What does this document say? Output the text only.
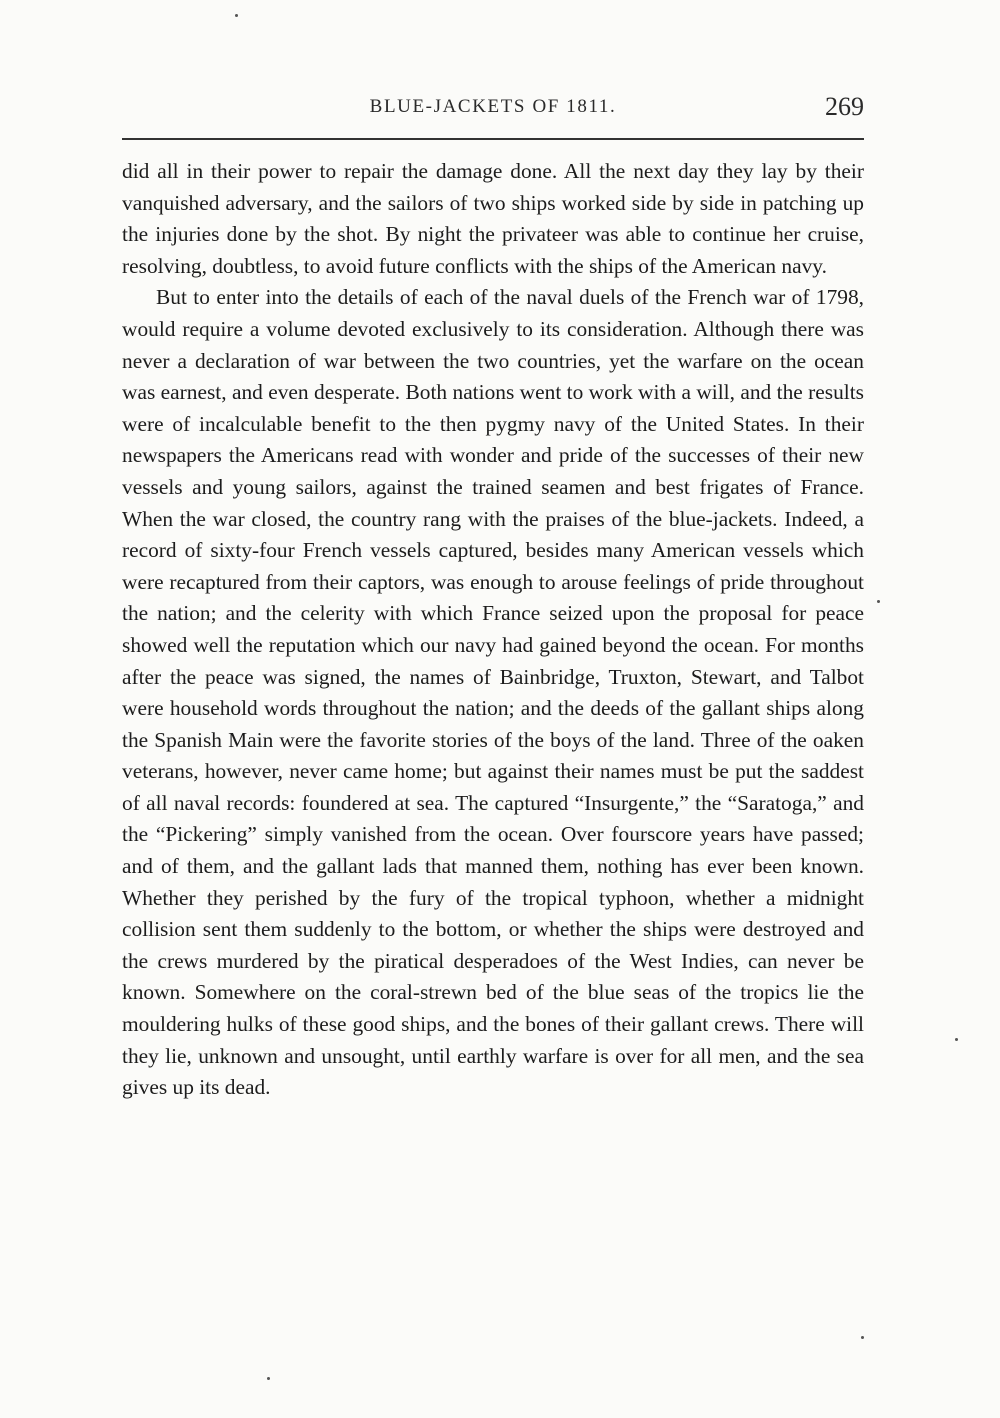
BLUE-JACKETS OF 1811.	269

did all in their power to repair the damage done. All the next day they lay by their vanquished adversary, and the sailors of two ships worked side by side in patching up the injuries done by the shot. By night the privateer was able to continue her cruise, resolving, doubtless, to avoid future conflicts with the ships of the American navy.

But to enter into the details of each of the naval duels of the French war of 1798, would require a volume devoted exclusively to its consideration. Although there was never a declaration of war between the two countries, yet the warfare on the ocean was earnest, and even desperate. Both nations went to work with a will, and the results were of incalculable benefit to the then pygmy navy of the United States. In their newspapers the Americans read with wonder and pride of the successes of their new vessels and young sailors, against the trained seamen and best frigates of France. When the war closed, the country rang with the praises of the blue-jackets. Indeed, a record of sixty-four French vessels captured, besides many American vessels which were recaptured from their captors, was enough to arouse feelings of pride throughout the nation; and the celerity with which France seized upon the proposal for peace showed well the reputation which our navy had gained beyond the ocean. For months after the peace was signed, the names of Bainbridge, Truxton, Stewart, and Talbot were household words throughout the nation; and the deeds of the gallant ships along the Spanish Main were the favorite stories of the boys of the land. Three of the oaken veterans, however, never came home; but against their names must be put the saddest of all naval records: foundered at sea. The captured “Insurgente,” the “Saratoga,” and the “Pickering” simply vanished from the ocean. Over fourscore years have passed; and of them, and the gallant lads that manned them, nothing has ever been known. Whether they perished by the fury of the tropical typhoon, whether a midnight collision sent them suddenly to the bottom, or whether the ships were destroyed and the crews murdered by the piratical desperadoes of the West Indies, can never be known. Somewhere on the coral-strewn bed of the blue seas of the tropics lie the mouldering hulks of these good ships, and the bones of their gallant crews. There will they lie, unknown and unsought, until earthly warfare is over for all men, and the sea gives up its dead.
